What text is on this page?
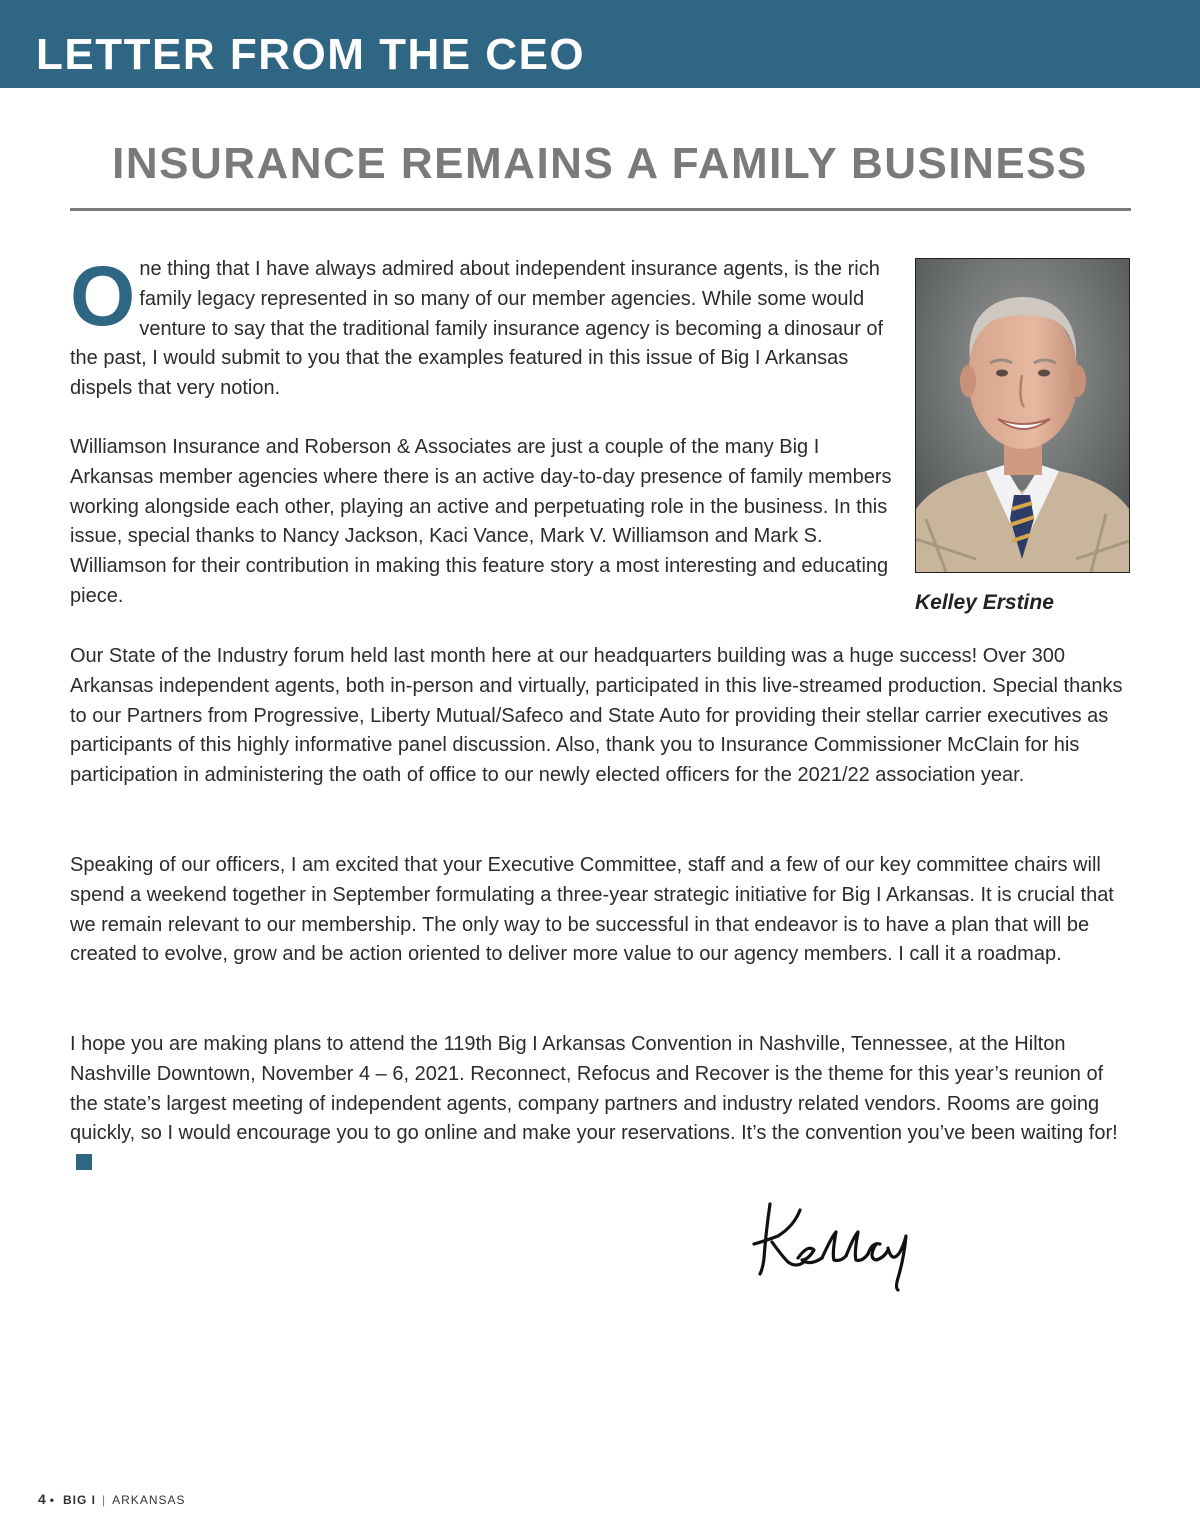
LETTER FROM THE CEO
INSURANCE REMAINS A FAMILY BUSINESS

One thing that I have always admired about independent insurance agents, is the rich family legacy represented in so many of our member agencies. While some would venture to say that the traditional family insurance agency is becoming a dinosaur of the past, I would submit to you that the examples featured in this issue of Big I Arkansas dispels that very notion.

Williamson Insurance and Roberson & Associates are just a couple of the many Big I Arkansas member agencies where there is an active day-to-day presence of family members working alongside each other, playing an active and perpetuating role in the business. In this issue, special thanks to Nancy Jackson, Kaci Vance, Mark V. Williamson and Mark S. Williamson for their contribution in making this feature story a most interesting and educating piece.	Kelley Erstine

Our State of the Industry forum held last month here at our headquarters building was a huge success! Over 300 Arkansas independent agents, both in-person and virtually, participated in this live-streamed production. Special thanks to our Partners from Progressive, Liberty Mutual/Safeco and State Auto for providing their stellar carrier executives as participants of this highly informative panel discussion. Also, thank you to Insurance Commissioner McClain for his participation in administering the oath of office to our newly elected officers for the 2021/22 association year.

Speaking of our officers, I am excited that your Executive Committee, staff and a few of our key committee chairs will spend a weekend together in September formulating a three-year strategic initiative for Big I Arkansas. It is crucial that we remain relevant to our membership. The only way to be successful in that endeavor is to have a plan that will be created to evolve, grow and be action oriented to deliver more value to our agency members. I call it a roadmap.

I hope you are making plans to attend the 119th Big I Arkansas Convention in Nashville, Tennessee, at the Hilton Nashville Downtown, November 4 – 6, 2021. Reconnect, Refocus and Recover is the theme for this year’s reunion of the state’s largest meeting of independent agents, company partners and industry related vendors. Rooms are going quickly, so I would encourage you to go online and make your reservations. It’s the convention you’ve been waiting for!

4 • BIG I | ARKANSAS
